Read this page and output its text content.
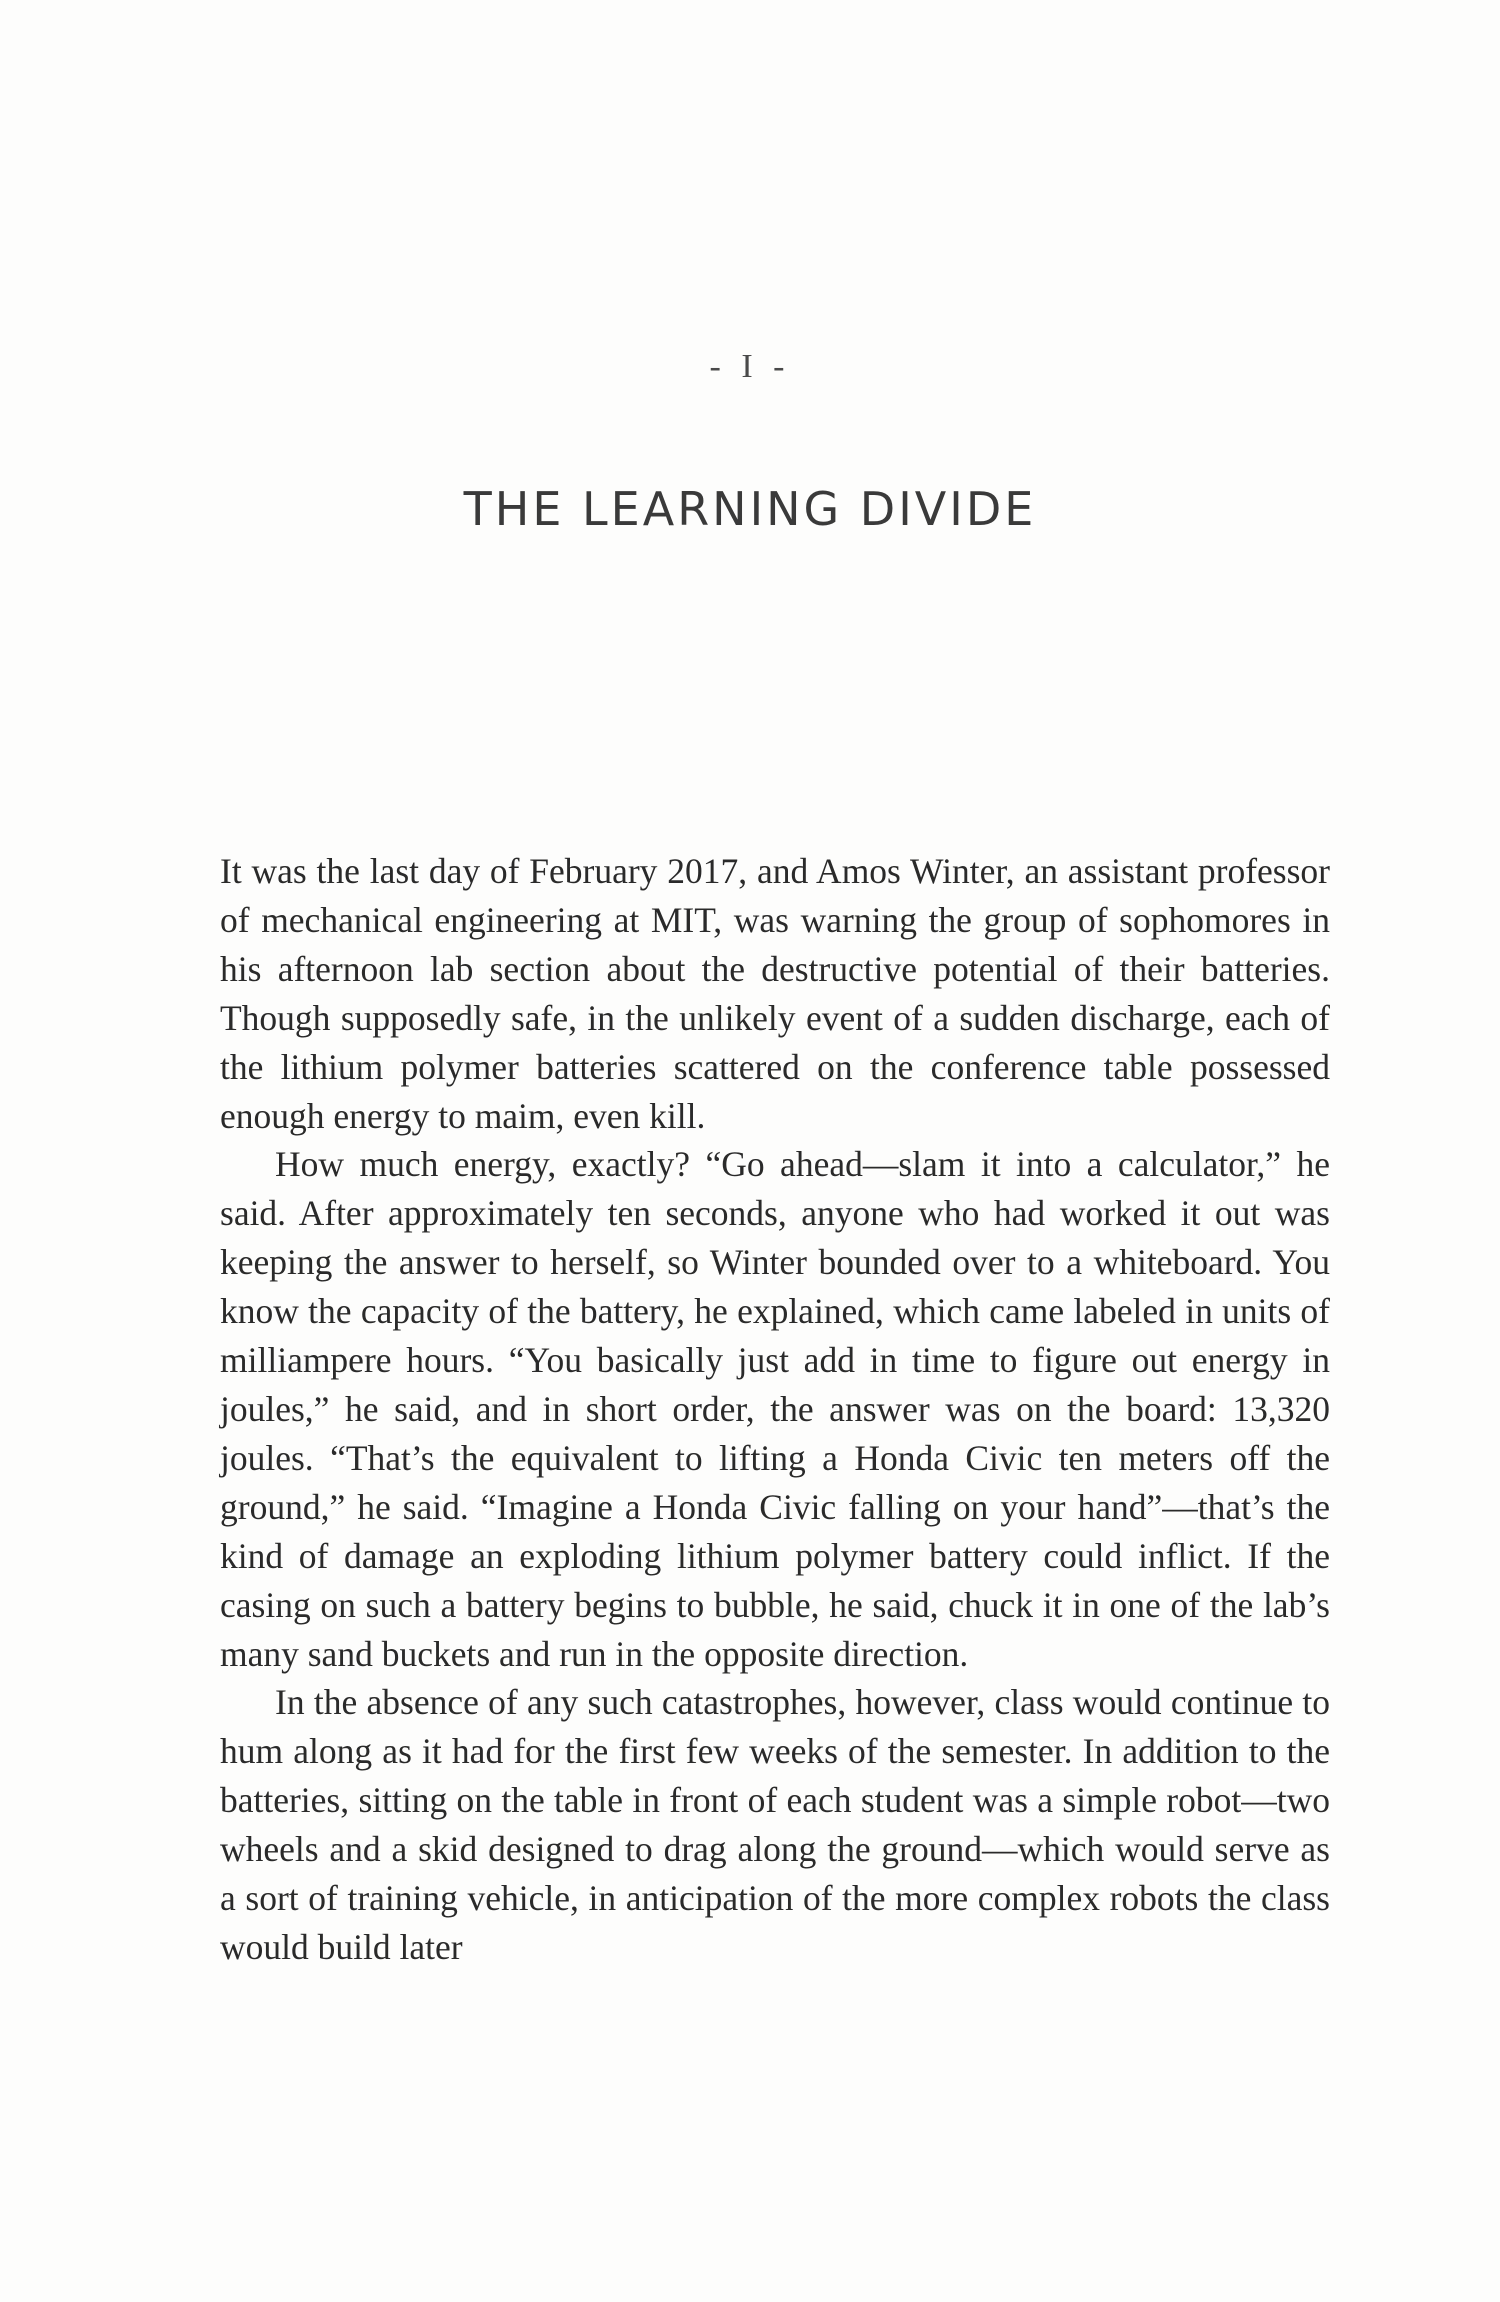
- I -
THE LEARNING DIVIDE

It was the last day of February 2017, and Amos Winter, an assistant professor of mechanical engineering at MIT, was warning the group of sophomores in his afternoon lab section about the destructive potential of their batteries. Though supposedly safe, in the unlikely event of a sudden discharge, each of the lithium polymer batteries scattered on the conference table possessed enough energy to maim, even kill.

How much energy, exactly? “Go ahead—slam it into a calculator,” he said. After approximately ten seconds, anyone who had worked it out was keeping the answer to herself, so Winter bounded over to a whiteboard. You know the capacity of the battery, he explained, which came labeled in units of milliampere hours. “You basically just add in time to figure out energy in joules,” he said, and in short order, the answer was on the board: 13,320 joules. “That’s the equivalent to lifting a Honda Civic ten meters off the ground,” he said. “Imagine a Honda Civic falling on your hand”—that’s the kind of damage an exploding lithium polymer battery could inflict. If the casing on such a battery begins to bubble, he said, chuck it in one of the lab’s many sand buckets and run in the opposite direction.

In the absence of any such catastrophes, however, class would continue to hum along as it had for the first few weeks of the semester. In addition to the batteries, sitting on the table in front of each student was a simple robot—two wheels and a skid designed to drag along the ground—which would serve as a sort of training vehicle, in anticipation of the more complex robots the class would build later
